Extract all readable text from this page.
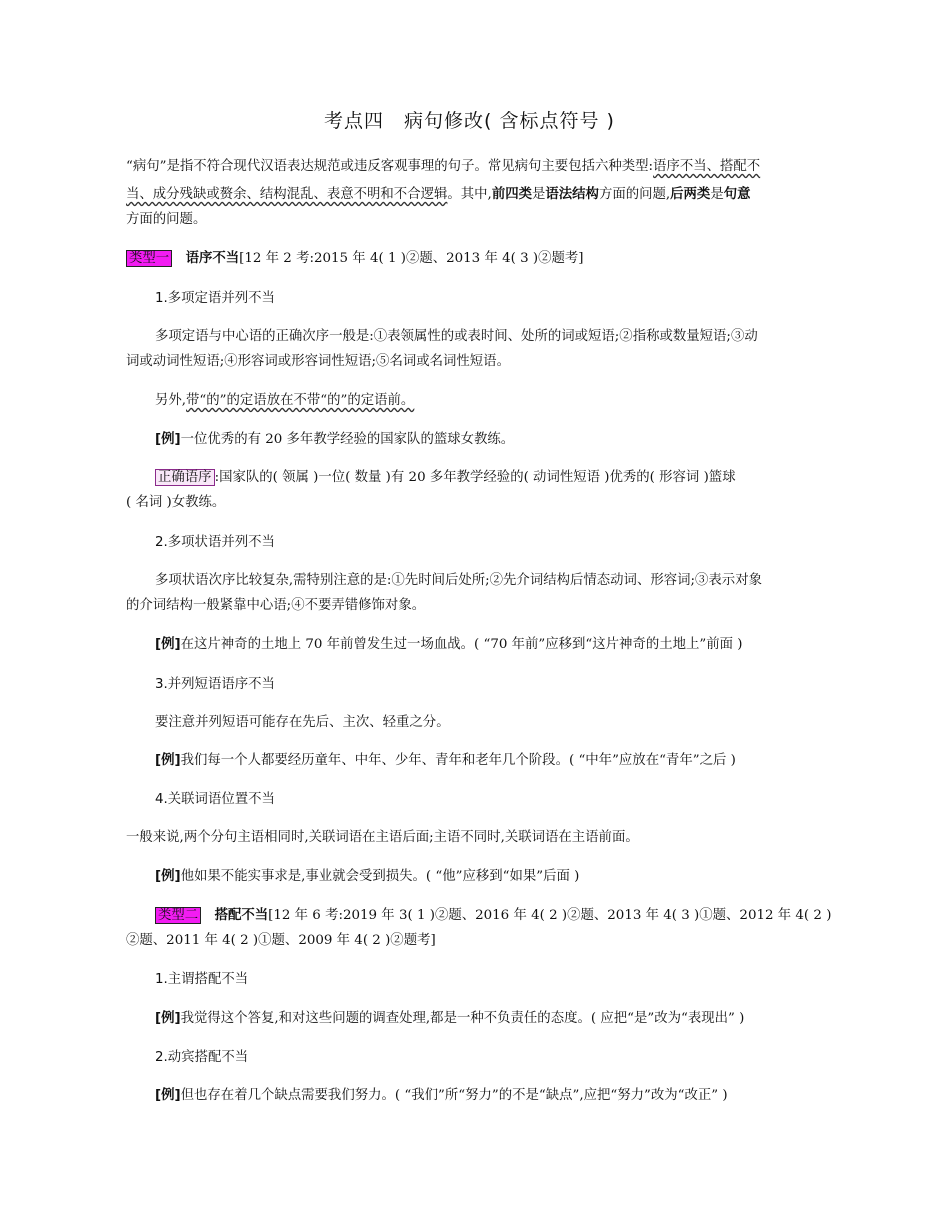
考点四　病句修改( 含标点符号 )
“病句”是指不符合现代汉语表达规范或违反客观事理的句子。常见病句主要包括六种类型:语序不当、搭配不
当、成分残缺或赘余、结构混乱、表意不明和不合逻辑。其中,前四类是语法结构方面的问题,后两类是句意
方面的问题。
类型一　 语序不当[12 年 2 考:2015 年 4( 1 )②题、2013 年 4( 3 )②题考]
1.多项定语并列不当
多项定语与中心语的正确次序一般是:①表领属性的或表时间、处所的词或短语;②指称或数量短语;③动
词或动词性短语;④形容词或形容词性短语;⑤名词或名词性短语。
另外,带“的”的定语放在不带“的”的定语前。
[例]一位优秀的有 20 多年教学经验的国家队的篮球女教练。
正确语序 :国家队的( 领属 )一位( 数量 )有 20 多年教学经验的( 动词性短语 )优秀的( 形容词 )篮球
( 名词 )女教练。
2.多项状语并列不当
多项状语次序比较复杂,需特别注意的是:①先时间后处所;②先介词结构后情态动词、形容词;③表示对象
的介词结构一般紧靠中心语;④不要弄错修饰对象。
[例]在这片神奇的土地上 70 年前曾发生过一场血战。( “70 年前”应移到“这片神奇的土地上”前面 )
3.并列短语语序不当
要注意并列短语可能存在先后、主次、轻重之分。
[例]我们每一个人都要经历童年、中年、少年、青年和老年几个阶段。( “中年”应放在“青年”之后 )
4.关联词语位置不当
一般来说,两个分句主语相同时,关联词语在主语后面;主语不同时,关联词语在主语前面。
[例]他如果不能实事求是,事业就会受到损失。( “他”应移到“如果”后面 )
类型二　 搭配不当[12 年 6 考:2019 年 3( 1 )②题、2016 年 4( 2 )②题、2013 年 4( 3 )①题、2012 年 4( 2 )
②题、2011 年 4( 2 )①题、2009 年 4( 2 )②题考]
1.主谓搭配不当
[例]我觉得这个答复,和对这些问题的调查处理,都是一种不负责任的态度。( 应把“是”改为“表现出” )
2.动宾搭配不当
[例]但也存在着几个缺点需要我们努力。( “我们”所“努力”的不是“缺点”,应把“努力”改为“改正” )
